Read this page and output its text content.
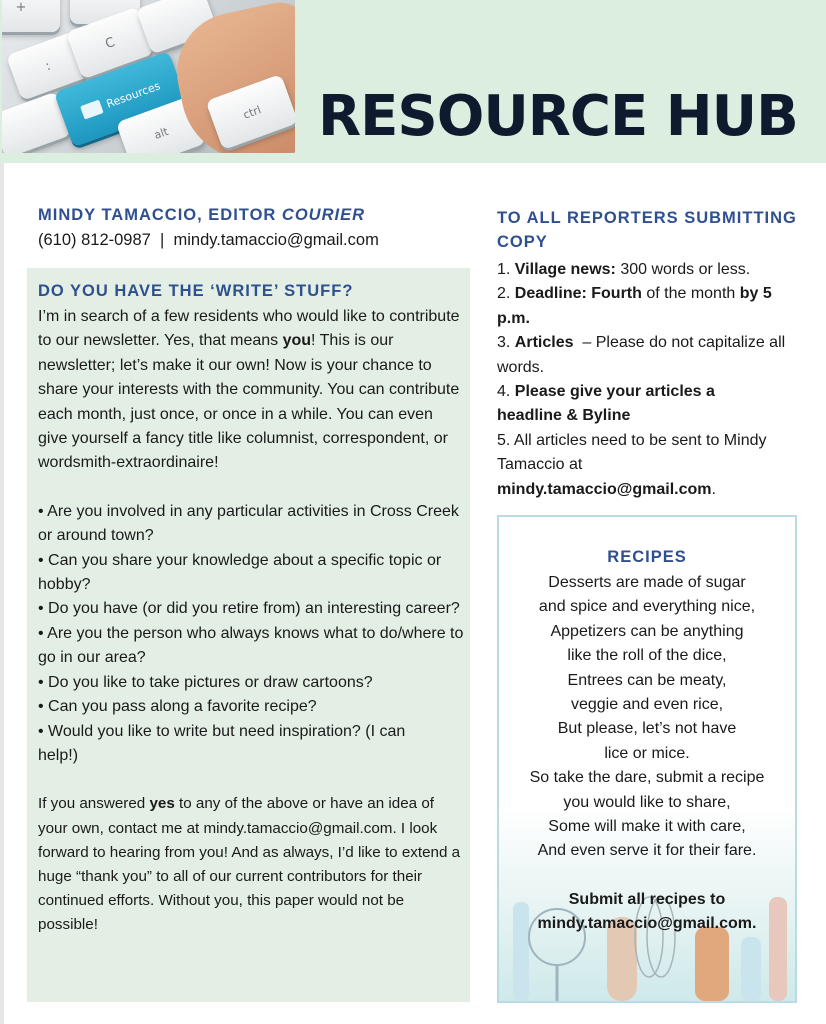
+
:
C
Resources
alt
ctrl RESOURCE HUB

MINDY TAMACCIO, EDITOR COURIER

(610) 812-0987 | mindy.tamaccio@gmail.com

DO YOU HAVE THE ‘WRITE’ STUFF?

I’m in search of a few residents who would like to contribute to our newsletter. Yes, that means you! This is our newsletter; let’s make it our own! Now is your chance to share your interests with the community. You can contribute each month, just once, or once in a while. You can even give yourself a fancy title like columnist, correspondent, or wordsmith-extraordinaire!

• Are you involved in any particular activities in Cross Creek or around town?

• Can you share your knowledge about a specific topic or hobby?

• Do you have (or did you retire from) an interesting career?

• Are you the person who always knows what to do/where to go in our area?

• Do you like to take pictures or draw cartoons?

• Can you pass along a favorite recipe?

• Would you like to write but need inspiration? (I can help!)

If you answered yes to any of the above or have an idea of your own, contact me at mindy.tamaccio@gmail.com. I look forward to hearing from you! And as always, I’d like to extend a huge “thank you” to all of our current contributors for their continued efforts. Without you, this paper would not be possible!

TO ALL REPORTERS SUBMITTING COPY

1. Village news: 300 words or less.

2. Deadline: Fourth of the month by 5 p.m.

3. Articles  – Please do not capitalize all words.

4. Please give your articles a headline & Byline

5. All articles need to be sent to Mindy Tamaccio at mindy.tamaccio@gmail.com.

RECIPES

Desserts are made of sugar

and spice and everything nice,

Appetizers can be anything

like the roll of the dice,

Entrees can be meaty,

veggie and even rice,

But please, let’s not have

lice or mice.

So take the dare, submit a recipe

you would like to share,

Some will make it with care,

And even serve it for their fare.

Submit all recipes to

mindy.tamaccio@gmail.com.
